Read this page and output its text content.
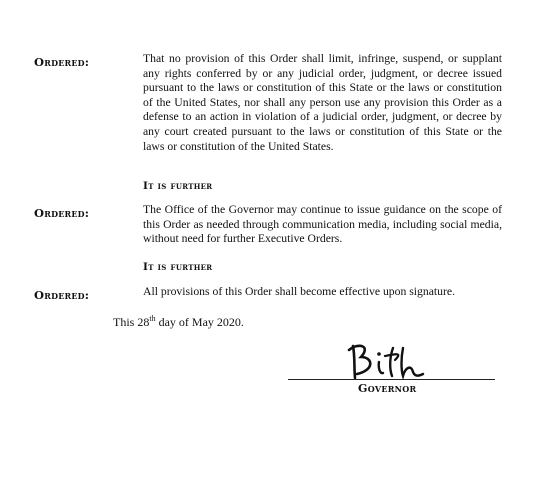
Ordered:	That no provision of this Order shall limit, infringe, suspend, or supplant any rights conferred by or any judicial order, judgment, or decree issued pursuant to the laws or constitution of this State or the laws or constitution of the United States, nor shall any person use any provision this Order as a defense to an action in violation of a judicial order, judgment, or decree by any court created pursuant to the laws or constitution of this State or the laws or constitution of the United States.
It is further
Ordered:	The Office of the Governor may continue to issue guidance on the scope of this Order as needed through communication media, including social media, without need for further Executive Orders.
It is further
Ordered:	All provisions of this Order shall become effective upon signature.
This 28th day of May 2020.
Governor
